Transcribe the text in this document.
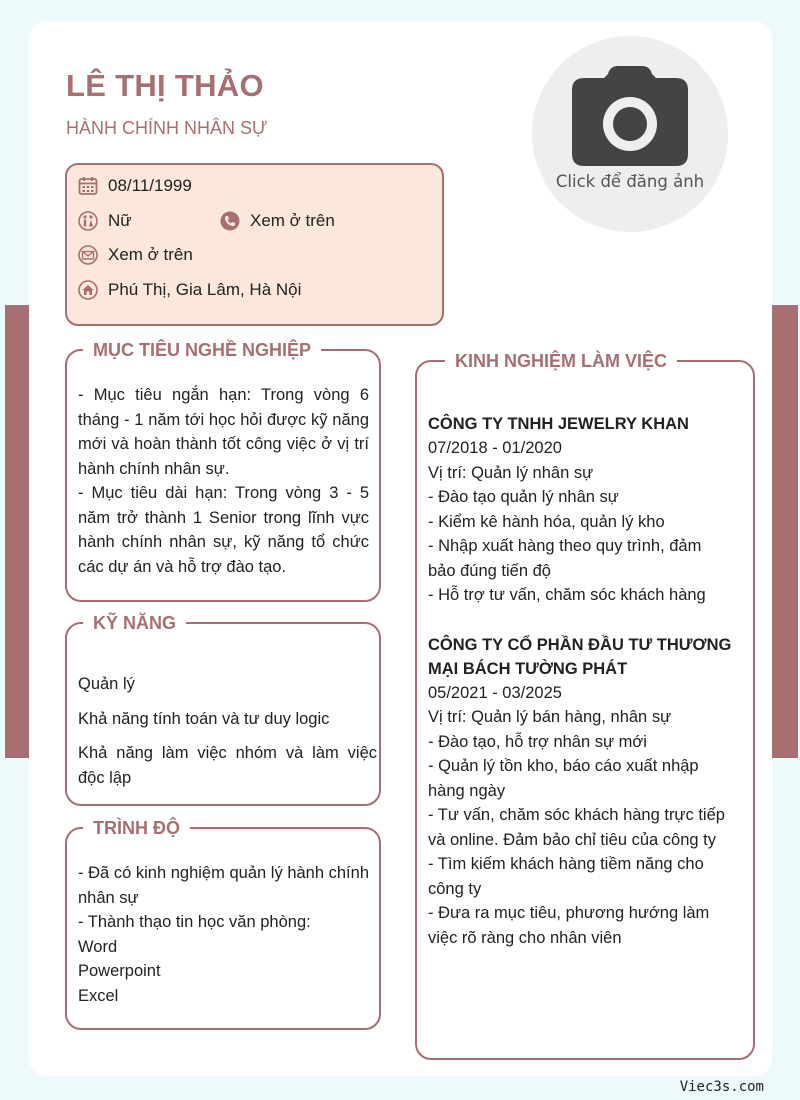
LÊ THỊ THẢO
HÀNH CHÍNH NHÂN SỰ
Click để đăng ảnh
08/11/1999
Nữ	Xem ở trên
Xem ở trên
Phú Thị, Gia Lâm, Hà Nội
MỤC TIÊU NGHỀ NGHIỆP

- Mục tiêu ngắn hạn: Trong vòng 6 tháng - 1 năm tới học hỏi được kỹ năng mới và hoàn thành tốt công việc ở vị trí hành chính nhân sự.

- Mục tiêu dài hạn: Trong vòng 3 - 5 năm trở thành 1 Senior trong lĩnh vực hành chính nhân sự, kỹ năng tổ chức các dự án và hỗ trợ đào tạo.

KỸ NĂNG

Quản lý

Khả năng tính toán và tư duy logic

Khả năng làm việc nhóm và làm việc độc lập

TRÌNH ĐỘ

- Đã có kinh nghiệm quản lý hành chính nhân sự

- Thành thạo tin học văn phòng:

Word

Powerpoint

Excel

KINH NGHIỆM LÀM VIỆC

CÔNG TY TNHH JEWELRY KHAN

07/2018 - 01/2020

Vị trí: Quản lý nhân sự

- Đào tạo quản lý nhân sự

- Kiểm kê hành hóa, quản lý kho

- Nhập xuất hàng theo quy trình, đảm bảo đúng tiến độ

- Hỗ trợ tư vấn, chăm sóc khách hàng

CÔNG TY CỔ PHẦN ĐẦU TƯ THƯƠNG MẠI BÁCH TƯỜNG PHÁT

05/2021 - 03/2025

Vị trí: Quản lý bán hàng, nhân sự

- Đào tạo, hỗ trợ nhân sự mới

- Quản lý tồn kho, báo cáo xuất nhập hàng ngày

- Tư vấn, chăm sóc khách hàng trực tiếp và online. Đảm bảo chỉ tiêu của công ty

- Tìm kiếm khách hàng tiềm năng cho công ty

- Đưa ra mục tiêu, phương hướng làm việc rõ ràng cho nhân viên

Viec3s.com
